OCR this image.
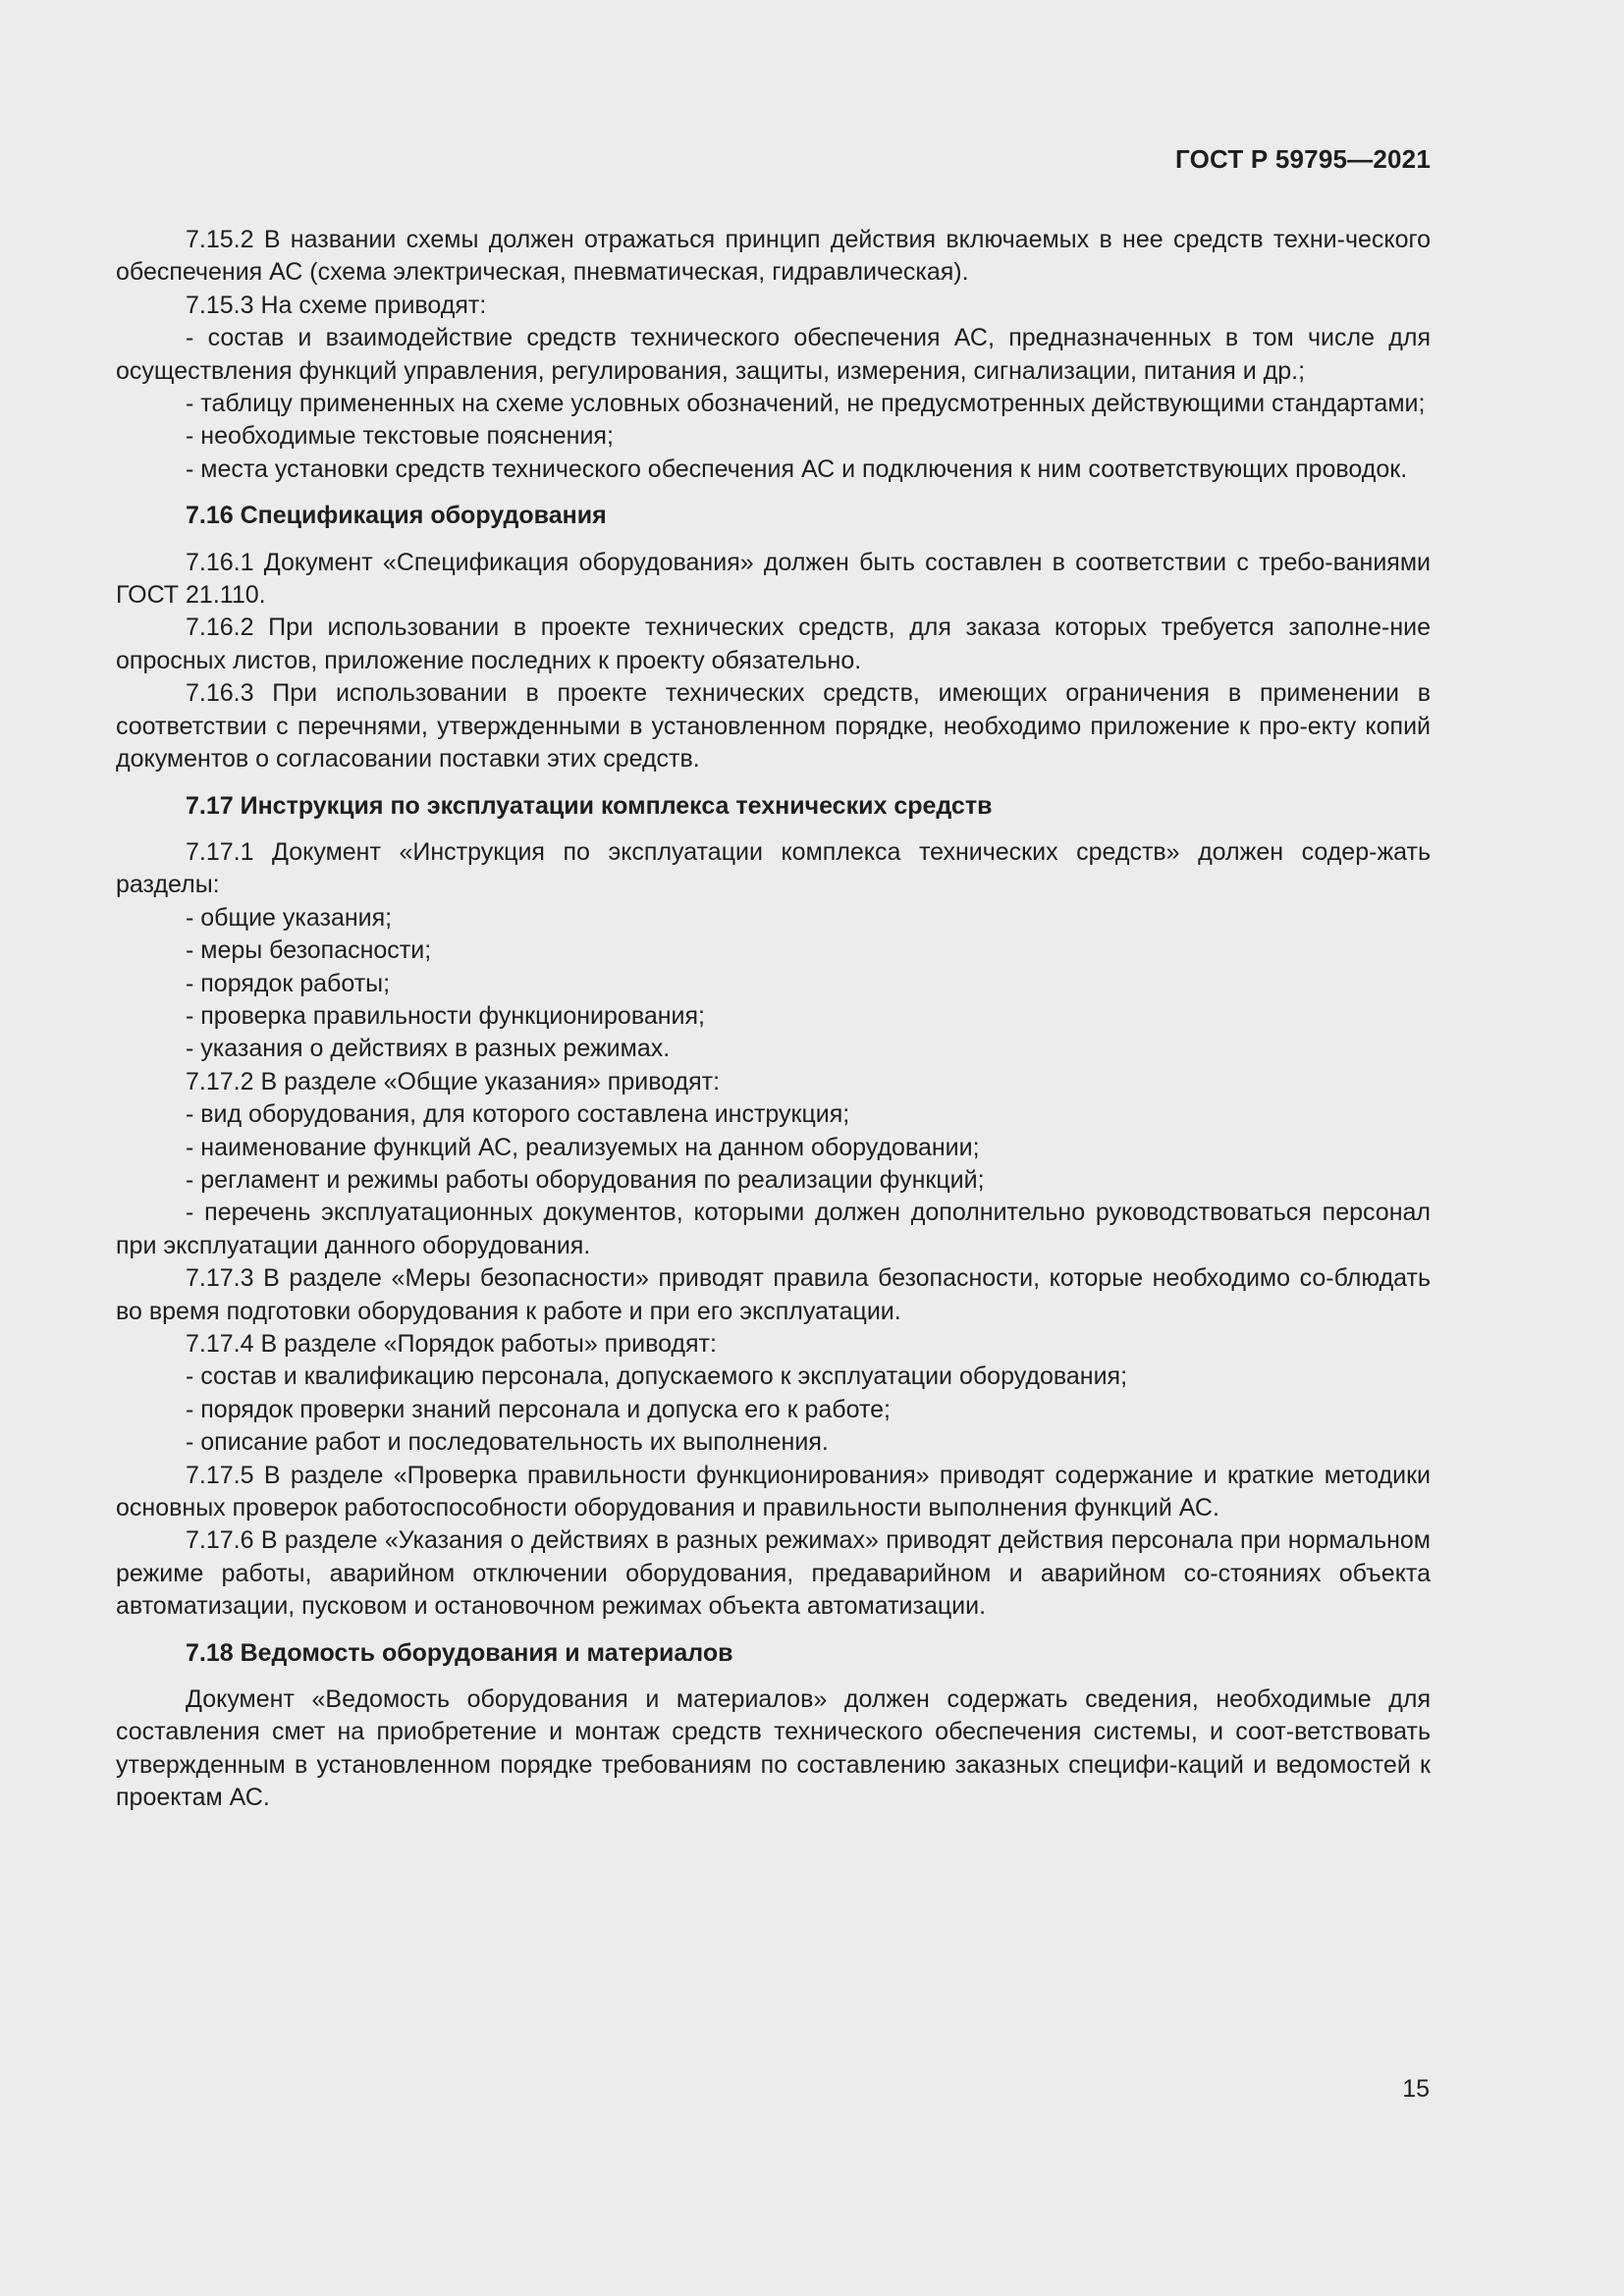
ГОСТ Р 59795—2021

7.15.2 В названии схемы должен отражаться принцип действия включаемых в нее средств техни-ческого обеспечения АС (схема электрическая, пневматическая, гидравлическая).

7.15.3 На схеме приводят:

- состав и взаимодействие средств технического обеспечения АС, предназначенных в том числе для осуществления функций управления, регулирования, защиты, измерения, сигнализации, питания и др.;

- таблицу примененных на схеме условных обозначений, не предусмотренных действующими стандартами;

- необходимые текстовые пояснения;

- места установки средств технического обеспечения АС и подключения к ним соответствующих проводок.

7.16 Спецификация оборудования

7.16.1 Документ «Спецификация оборудования» должен быть составлен в соответствии с требо-ваниями ГОСТ 21.110.

7.16.2 При использовании в проекте технических средств, для заказа которых требуется заполне-ние опросных листов, приложение последних к проекту обязательно.

7.16.3 При использовании в проекте технических средств, имеющих ограничения в применении в соответствии с перечнями, утвержденными в установленном порядке, необходимо приложение к про-екту копий документов о согласовании поставки этих средств.

7.17 Инструкция по эксплуатации комплекса технических средств

7.17.1 Документ «Инструкция по эксплуатации комплекса технических средств» должен содер-жать разделы:

- общие указания;

- меры безопасности;

- порядок работы;

- проверка правильности функционирования;

- указания о действиях в разных режимах.

7.17.2 В разделе «Общие указания» приводят:

- вид оборудования, для которого составлена инструкция;

- наименование функций АС, реализуемых на данном оборудовании;

- регламент и режимы работы оборудования по реализации функций;

- перечень эксплуатационных документов, которыми должен дополнительно руководствоваться персонал при эксплуатации данного оборудования.

7.17.3 В разделе «Меры безопасности» приводят правила безопасности, которые необходимо со-блюдать во время подготовки оборудования к работе и при его эксплуатации.

7.17.4 В разделе «Порядок работы» приводят:

- состав и квалификацию персонала, допускаемого к эксплуатации оборудования;

- порядок проверки знаний персонала и допуска его к работе;

- описание работ и последовательность их выполнения.

7.17.5 В разделе «Проверка правильности функционирования» приводят содержание и краткие методики основных проверок работоспособности оборудования и правильности выполнения функций АС.

7.17.6 В разделе «Указания о действиях в разных режимах» приводят действия персонала при нормальном режиме работы, аварийном отключении оборудования, предаварийном и аварийном со-стояниях объекта автоматизации, пусковом и остановочном режимах объекта автоматизации.

7.18 Ведомость оборудования и материалов

Документ «Ведомость оборудования и материалов» должен содержать сведения, необходимые для составления смет на приобретение и монтаж средств технического обеспечения системы, и соот-ветствовать утвержденным в установленном порядке требованиям по составлению заказных специфи-каций и ведомостей к проектам АС.

15
